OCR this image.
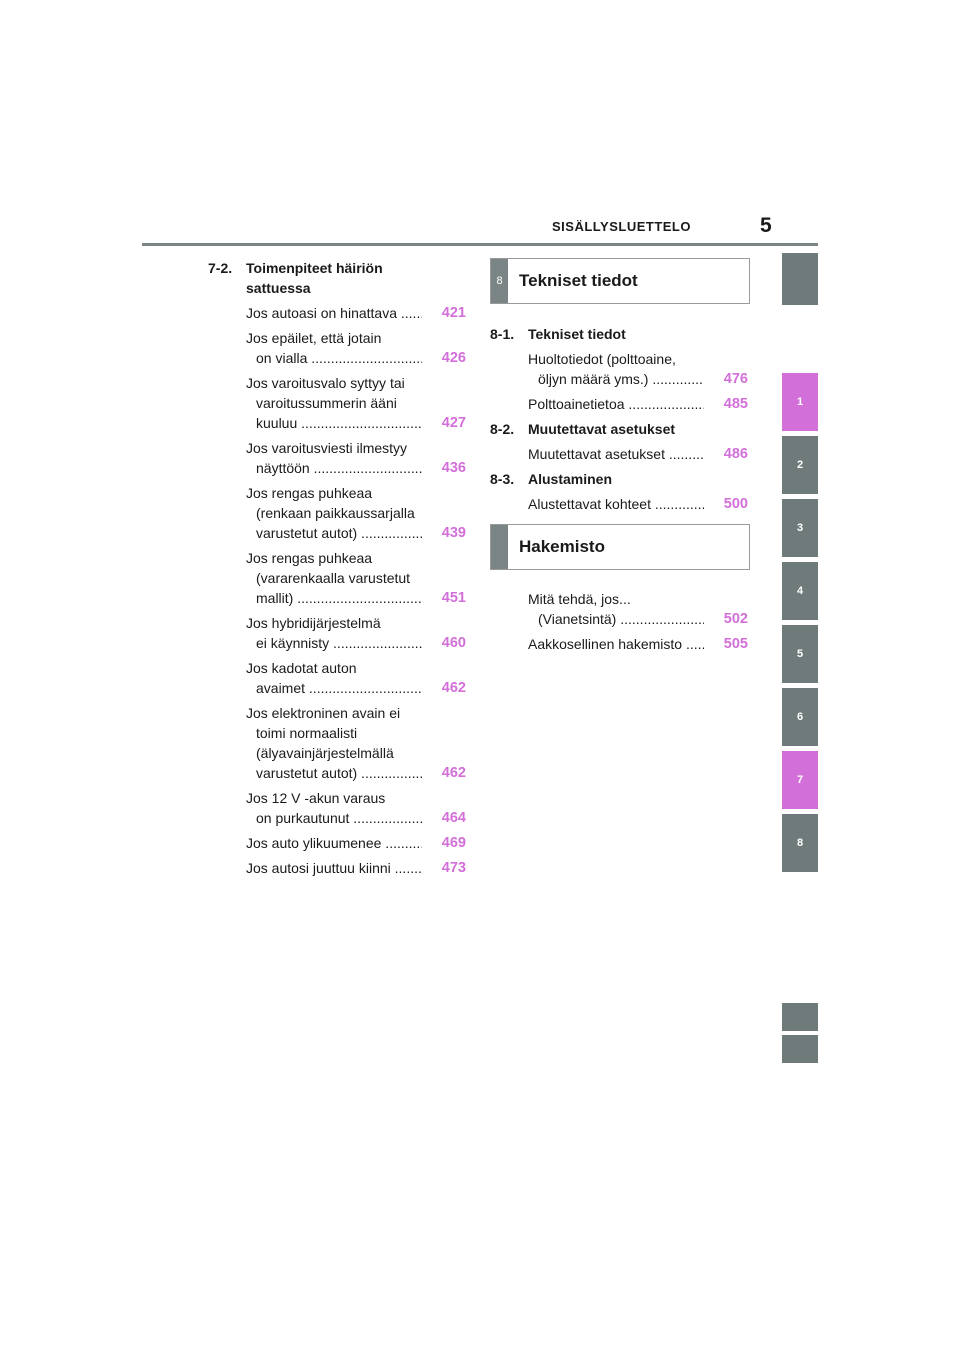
SISÄLLYSLUETTELO	5
1
2
3
4
5
6
7
8
7-2. Toimenpiteet häiriön
sattuessa
Jos autoasi on hinattava .....	421
Jos epäilet, että jotain
on vialla .....	426
Jos varoitusvalo syttyy tai
varoitussummerin ääni
kuuluu .....	427
Jos varoitusviesti ilmestyy
näyttöön .....	436
Jos rengas puhkeaa
(renkaan paikkaussarjalla
varustetut autot) .....	439
Jos rengas puhkeaa
(vararenkaalla varustetut
mallit) .....	451
Jos hybridijärjestelmä
ei käynnisty .....	460
Jos kadotat auton
avaimet .....	462
Jos elektroninen avain ei
toimi normaalisti
(älyavainjärjestelmällä
varustetut autot) .....	462
Jos 12 V -akun varaus
on purkautunut .....	464
Jos auto ylikuumenee .....	469
Jos autosi juuttuu kiinni .....	473
8 Tekniset tiedot
8-1. Tekniset tiedot
Huoltotiedot (polttoaine,
öljyn määrä yms.) .....	476
Polttoainetietoa .....	485
8-2. Muutettavat asetukset
Muutettavat asetukset .....	486
8-3. Alustaminen
Alustettavat kohteet .....	500
Hakemisto
Mitä tehdä, jos...
(Vianetsintä) .....	502
Aakkosellinen hakemisto .....	505
